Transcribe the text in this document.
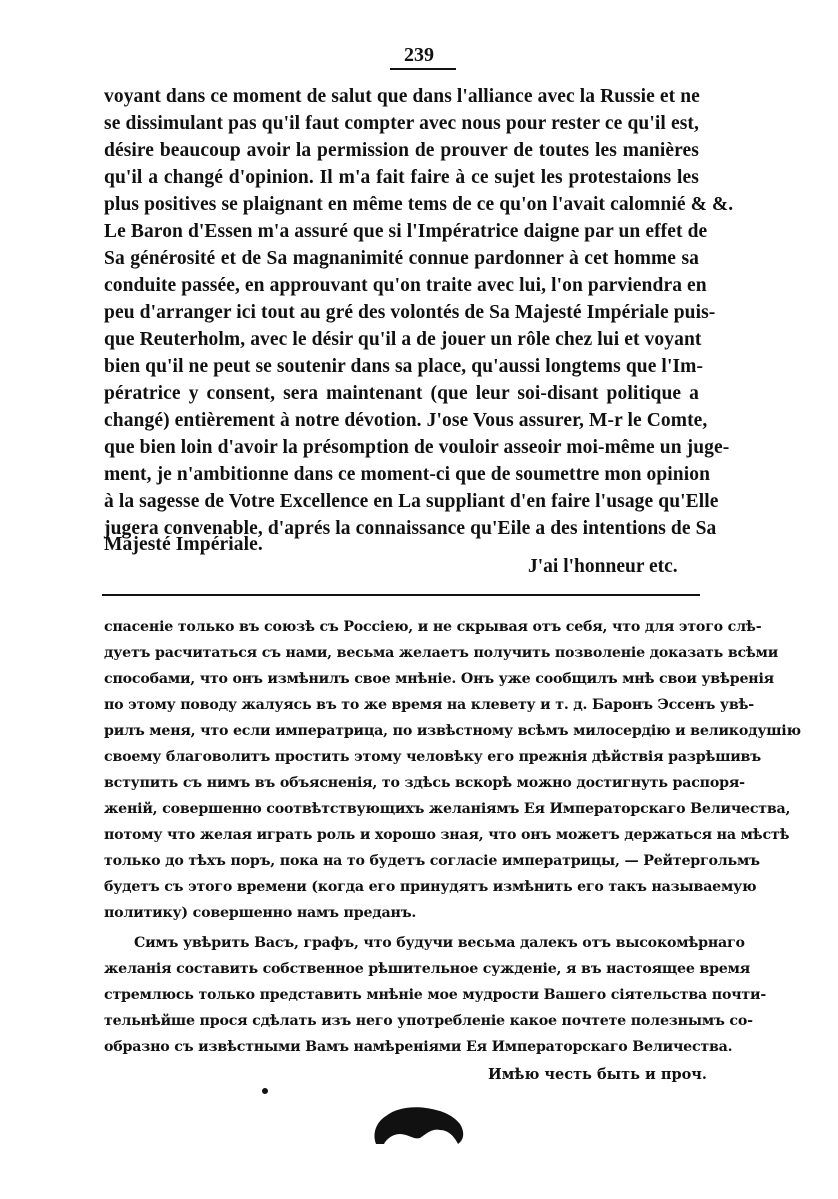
239
voyant dans ce moment de salut que dans l'alliance avec la Russie et ne
se dissimulant pas qu'il faut compter avec nous pour rester ce qu'il est,
désire beaucoup avoir la permission de prouver de toutes les manières
qu'il a changé d'opinion. Il m'a fait faire à ce sujet les protestaions les
plus positives se plaignant en même tems de ce qu'on l'avait calomnié & &.
Le Baron d'Essen m'a assuré que si l'Impératrice daigne par un effet de
Sa générosité et de Sa magnanimité connue pardonner à cet homme sa
conduite passée, en approuvant qu'on traite avec lui, l'on parviendra en
peu d'arranger ici tout au gré des volontés de Sa Majesté Impériale puis-
que Reuterholm, avec le désir qu'il a de jouer un rôle chez lui et voyant
bien qu'il ne peut se soutenir dans sa place, qu'aussi longtems que l'Im-
pératrice y consent, sera maintenant (que leur soi-disant politique a
changé) entièrement à notre dévotion. J'ose Vous assurer, M-r le Comte,
que bien loin d'avoir la présomption de vouloir asseoir moi-même un juge-
ment, je n'ambitionne dans ce moment-ci que de soumettre mon opinion
à la sagesse de Votre Excellence en La suppliant d'en faire l'usage qu'Elle
jugera convenable, d'aprés la connaissance qu'Eile a des intentions de Sa
Majesté Impériale.
J'ai l'honneur etc.
спасеніе только въ союзѣ съ Россіею, и не скрывая отъ себя, что для этого слѣ-
дуетъ расчитаться съ нами, весьма желаетъ получить позволеніе доказать всѣми
способами, что онъ измѣнилъ свое мнѣніе. Онъ уже сообщилъ мнѣ свои увѣренія
по этому поводу жалуясь въ то же время на клевету и т. д. Баронъ Эссенъ увѣ-
рилъ меня, что если императрица, по извѣстному всѣмъ милосердію и великодушію
своему благоволитъ простить этому человѣку его прежнія дѣйствія разрѣшивъ
вступить съ нимъ въ объясненія, то здѣсь вскорѣ можно достигнуть распоря-
женій, совершенно соотвѣтствующихъ желаніямъ Ея Императорскаго Величества,
потому что желая играть роль и хорошо зная, что онъ можетъ держаться на мѣстѣ
только до тѣхъ поръ, пока на то будетъ согласіе императрицы, — Рейтергольмъ
будетъ съ этого времени (когда его принудятъ измѣнить его такъ называемую
политику) совершенно намъ преданъ.
Симъ увѣрить Васъ, графъ, что будучи весьма далекъ отъ высокомѣрнаго
желанія составить собственное рѣшительное сужденіе, я въ настоящее время
стремлюсь только представить мнѣніе мое мудрости Вашего сіятельства почти-
тельнѣйше прося сдѣлать изъ него употребленіе какое почтете полезнымъ со-
образно съ извѣстными Вамъ намѣреніями Ея Императорскаго Величества.
Имѣю честь быть и проч.
